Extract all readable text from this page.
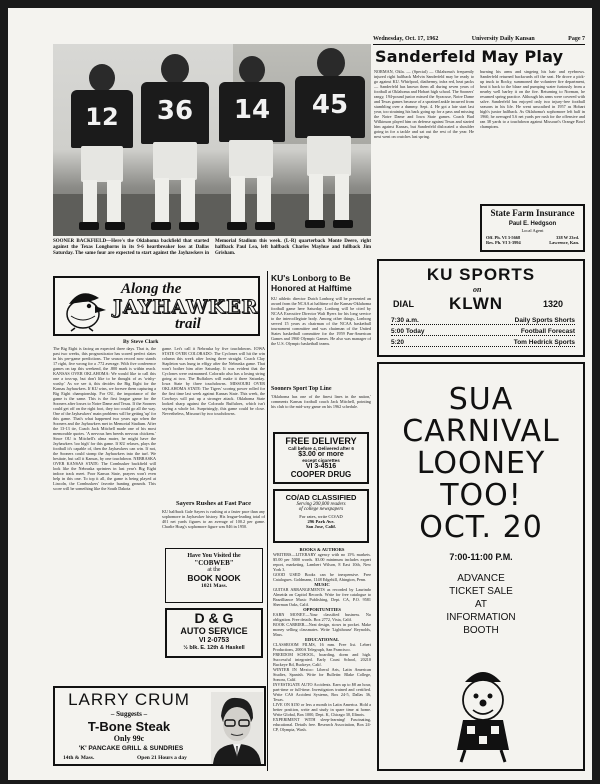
Wednesday, Oct. 17, 1962	University Daily Kansan	Page 7
12	36	14	45
SOONER BACKFIELD—Here's the Oklahoma backfield that started against the Texas Longhorns in its 9-6 heartbreaker loss at Dallas Saturday. The same four are expected to start against the Jayhawkers in Memorial Stadium this week. (L-R) quarterback Monte Deere, right halfback Paul Lea, left halfback Charles Mayhue and fullback Jim Grisham.
Sanderfeld May Play
NORMAN, Okla. — (Special) — Oklahoma's frequently injured right halfback Melvin Sanderfeld may be ready to go against KU. Whirlpool, diathermy, infra red, heat packs — Sanderfeld has known them all during seven years of football at Oklahoma and Hobart high school. The Sooners' rangy, 194-pound junior missed the Syracuse, Notre Dame and Texas games because of a sprained ankle incurred from stumbling over a dummy. Sept. 4. He got a late start last year, too straining his back going up for a pass and missing the Notre Dame and Iowa State games. Coach Bud Wilkinson played him on defense against Texas and started him against Kansas, but Sanderfeld dislocated a shoulder going in for a tackle and sat out the rest of the year. He next went on crutches last spring.
burning his arms and singeing his hair and eyebrows. Sanderfeld returned backwards off the seat. He drove a pick-up truck to Rocky, summoned the volunteer fire department, beat it back to the blaze and pumping water furiously from a nearby well barley it on the fire. Returning to Norman, he resumed spring practice. Although his arms were covered with salve. Sanderfeld has enjoyed only two injury-free football seasons in his life. He went unscathed in 1957 as Hobart high's junior halfback. As Oklahoma's sophomore left half in 1960, he averaged 5.6 net yards per rush for the offensive and ran 38 yards to a touchdown against Missouri's Orange Bowl champions.
State Farm Insurance
Paul E. Hedgson
Local Agent
Off. Ph. VI 3-5668
Res. Ph. VI 3-3994
338 W 23rd.
Lawrence, Kan.
Along the
JAYHAWKER
trail
By Steve Clark
The Big Eight is facing an expected three days. That is, the past two weeks, this prognosticator has scored perfect slates in his pre-game predictions. The season record now stands 17 right, five wrong for a .772 average. With five conference games on tap this weekend, the .800 mark is within reach. KANSAS OVER OKLAHOMA: We would like to call this one a toss-up, but don't like to be thought of as 'wishy-washy.' As we see it, this decides the Big Eight for the Kansas Jayhawkers. If KU wins, we foresee them capturing a Big Eight championship. For OU, the importance of the game is the same. This is the first league game for the Sooners after losses to Notre Dame and Texas. If the Sooners could get off on the right foot, they too could go all the way. One of the Jayhawkers' main problems will be getting 'up' for this game. That's what happened two years ago when the Sooners and the Jayhawkers met in Memorial Stadium. After the 13-13 tie, Coach Jack Mitchell made one of his most memorable quotes. 'A nervous hen breeds nervous chickens.' Since OU is Mitchell's alma mater, he might have the Jayhawkers 'too high' for this game. If KU relaxes, plays the football it's capable of, then the Jayhawkers can win. If not, the Sooners could stomp the Jayhawkers into the turf. We hesitate, but call it Kansas, by one touchdown. NEBRASKA OVER KANSAS STATE: The Cornhusker backfield will look like the Nebraska sprinters in last year's Big Eight indoor track meet. Poor Kansas State, prayers won't even help in this one. To top it all, the game is being played at Lincoln, the Cornhuskers' favorite hunting grounds. This score will be something like the South Dakota
game. Let's call it Nebraska by five touchdowns. IOWA STATE OVER COLORADO: The Cyclones will hit the win column this week after losing three straight. Coach Clay Stapleton was hung in effigy after the Nebraska game. That won't bother him after Saturday. It was evident that the Cyclones were outmanned. Colorado also has a losing string going at two. The Buffaloes will make it three Saturday. Iowa State by three touchdowns. MISSOURI OVER OKLAHOMA STATE: The Tigers' scoring power rolled for the first time last week against Kansas State. This week, the Cowboys will put up a stronger attack. Oklahoma State looked sharp against the Colorado Buffaloes, which isn't saying a whole lot. Surprisingly, this game could be close. Nevertheless, Missouri by two touchdowns.
Sayers Rushes at Fast Pace
KU halfback Gale Sayers is rushing at a faster pace than any sophomore in Jayhawker history. His league-leading total of 401 net yards figures to an average of 100.2 per game. Charlie Hoag's sophomore figure was 846 in 1950.
Have You Visited the
"COBWEB"
at the
BOOK NOOK
1021 Mass.
D & G
AUTO SERVICE
VI 2-0753
½ blk. E. 12th & Haskell
LARRY CRUM
– Suggests –
T-Bone Steak
Only 99c
'K' PANCAKE GRILL & SUNDRIES
14th & Mass.	Open 21 Hours a day
KU's Lonborg to Be Honored at Halftime
KU athletic director Dutch Lonborg will be presented an award from the NCAA at halftime of the Kansas-Oklahoma football game here Saturday. Lonborg will be cited by NCAA Executive Director Walt Byers for his long service to the intercollegiate body. Among other things, Lonborg served 15 years as chairman of the NCAA basketball tournament committee and was chairman of the United States basketball committee for the 1959 Pan-American Games and 1960 Olympic Games. He also was manager of the U.S. Olympic basketball teams.
Sooners Sport Top Line
'Oklahoma has one of the finest lines in the nation,' comments Kansas football coach Jack Mitchell, pointing his club to the mid-way game on his 1962 schedule.
FREE DELIVERY
Call before 4, Delivered after 6
$3.00 or more
except cigarettes
VI 3-4516
COOPER DRUG
CO/AD CLASSIFIED
Serving 200,000 readers
of college newspapers
For rates, write CO/AD
296 Park Ave.
San Jose, Calif.
BOOKS & AUTHORS
WRITERS—LITERARY agency with no 15% markets. $5.00 per 5000 words. $3.00 minimum includes expert report, marketing. Lambert Wilson, 8 East 10th, New York 3.
GOOD USED Books can be inexpensive. Free Catalogues. Goldmann, 1148 Edgehill, Abington, Penn.
MUSIC
GUITAR ARRANGEMENTS as recorded by Laurindo Almeida on Capitol Records. Write for free catalogue to Brazilliance Music Publishing, Dept. CA, P.O. 9581 Sherman Oaks, Calif.
OPPORTUNITIES
EARN MONEY—Your classified business. No obligation. Free details. Box 2772, Vista, Calif.
BOOK CARRIER—Neat design, stows in pocket. Make money selling classmates. Write 'Lighthouse' Reynolds, Mass.
EDUCATIONAL
CLASSROOM FILMS, 16 mm. Free list. Lebert Productions, 2000A Telegraph, San Francisco.
FREEDOM SCHOOL, boarding, dorm and high. Successful integrated. Early Coast School, 20210 Buckeye Rd, Buckeye, Calif.
WINTER IN Mexico: Liberal Arts, Latin American Studies, Spanish. Write for Bulletin: Blake College, Sonora, Calif.
INVESTIGATE AUTO Accidents. Earn up to $8 an hour, part-time or full-time. Investigators trained and certified. Write CAS Accident Systems, Box 24-5, Dallas 36, Texas.
LIVE ON $150 or less a month in Latin America. Hold a better position, write and study in spare time at home. Write Global, Box 1000, Dept. K, Chicago 30, Illinois.
EXPERIMENT WITH sleep-learning! Fascinating, educational. Details free. Research Association, Box 24-CP, Olympia, Wash.
KU SPORTS
on
DIAL KLWN	1320
7:30 a.m.	Daily Sports Shorts
5:00 Today	Football Forecast
5:20	Tom Hedrick Sports
SUA
CARNIVAL
LOONEY
TOO!
OCT. 20
7:00-11:00 P.M.
ADVANCE
TICKET SALE
AT
INFORMATION
BOOTH
